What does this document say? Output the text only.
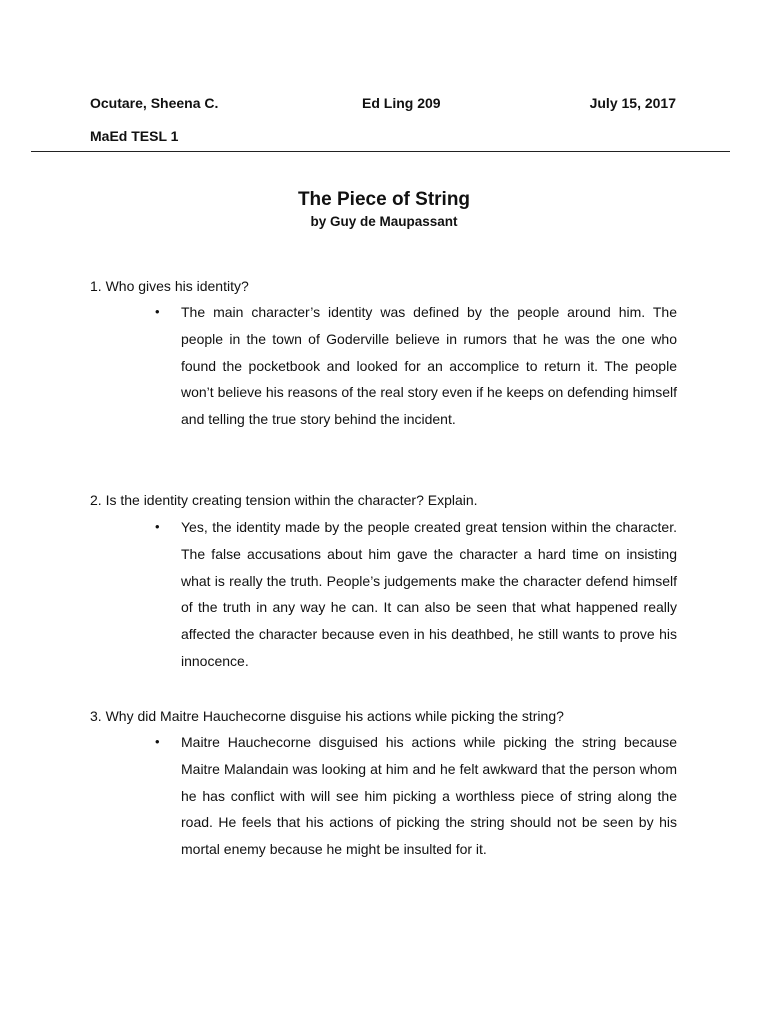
Ocutare, Sheena C.	Ed Ling 209	July 15, 2017
MaEd TESL 1
The Piece of String
by Guy de Maupassant
1. Who gives his identity?
• The main character’s identity was defined by the people around him. The people in the town of Goderville believe in rumors that he was the one who found the pocketbook and looked for an accomplice to return it. The people won’t believe his reasons of the real story even if he keeps on defending himself and telling the true story behind the incident.
2. Is the identity creating tension within the character? Explain.
• Yes, the identity made by the people created great tension within the character. The false accusations about him gave the character a hard time on insisting what is really the truth. People’s judgements make the character defend himself of the truth in any way he can. It can also be seen that what happened really affected the character because even in his deathbed, he still wants to prove his innocence.
3. Why did Maitre Hauchecorne disguise his actions while picking the string?
• Maitre Hauchecorne disguised his actions while picking the string because Maitre Malandain was looking at him and he felt awkward that the person whom he has conflict with will see him picking a worthless piece of string along the road. He feels that his actions of picking the string should not be seen by his mortal enemy because he might be insulted for it.
